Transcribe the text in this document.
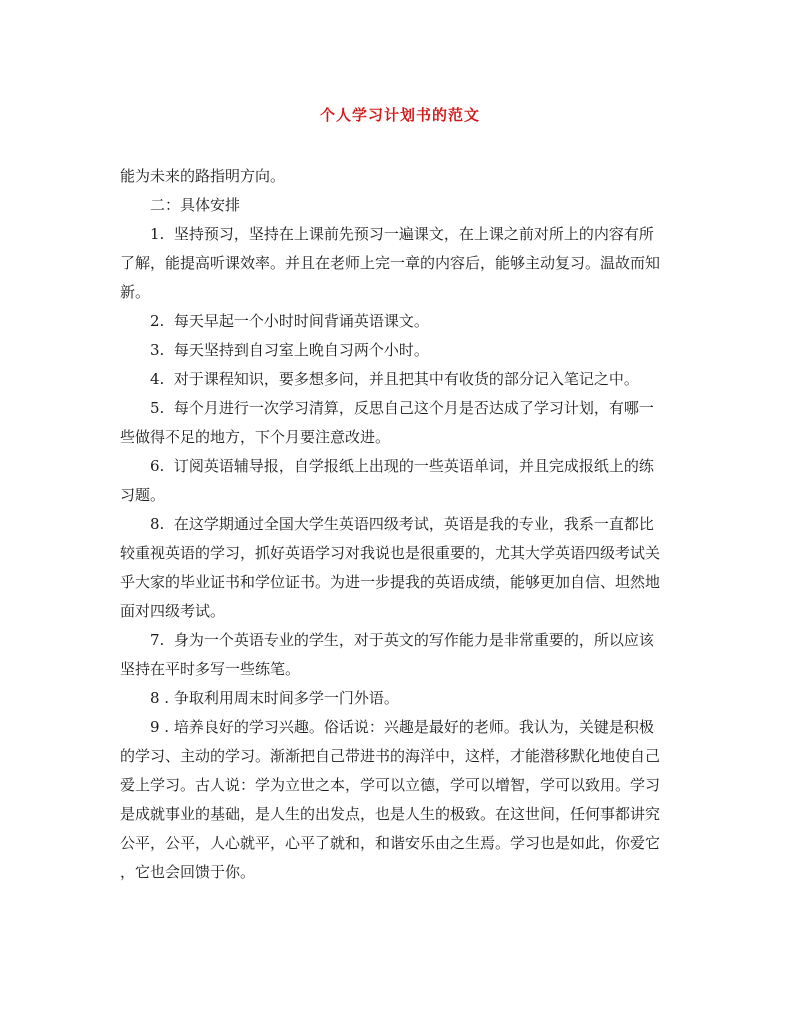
个人学习计划书的范文

能为未来的路指明方向。

二：具体安排

1.  坚持预习，坚持在上课前先预习一遍课文，在上课之前对所上的内容有所

了解，能提高听课效率。并且在老师上完一章的内容后，能够主动复习。温故而知

新。

2.  每天早起一个小时时间背诵英语课文。

3.  每天坚持到自习室上晚自习两个小时。

4.  对于课程知识，要多想多问，并且把其中有收货的部分记入笔记之中。

5.  每个月进行一次学习清算，反思自己这个月是否达成了学习计划，有哪一

些做得不足的地方，下个月要注意改进。

6.  订阅英语辅导报，自学报纸上出现的一些英语单词，并且完成报纸上的练

习题。

8.  在这学期通过全国大学生英语四级考试，英语是我的专业，我系一直都比

较重视英语的学习，抓好英语学习对我说也是很重要的，尤其大学英语四级考试关

乎大家的毕业证书和学位证书。为进一步提我的英语成绩，能够更加自信、坦然地

面对四级考试。

7.  身为一个英语专业的学生，对于英文的写作能力是非常重要的，所以应该

坚持在平时多写一些练笔。

8 . 争取利用周末时间多学一门外语。

9 . 培养良好的学习兴趣。俗话说：兴趣是最好的老师。我认为，关键是积极

的学习、主动的学习。渐渐把自己带进书的海洋中，这样，才能潜移默化地使自己

爱上学习。古人说：学为立世之本，学可以立德，学可以增智，学可以致用。学习

是成就事业的基础，是人生的出发点，也是人生的极致。在这世间，任何事都讲究

公平，公平，人心就平，心平了就和，和谐安乐由之生焉。学习也是如此，你爱它

，它也会回馈于你。
